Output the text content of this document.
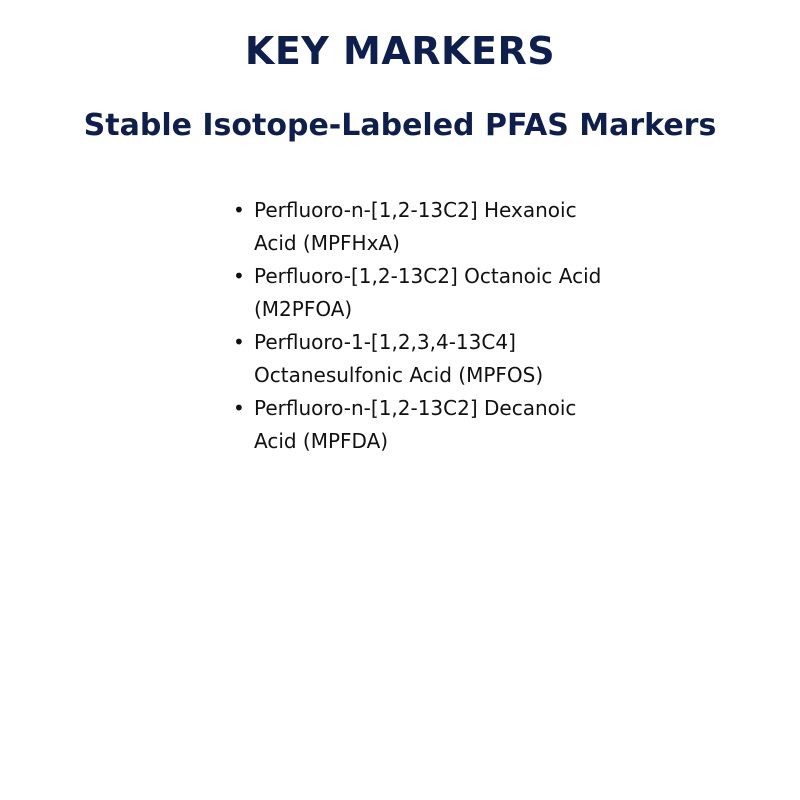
KEY MARKERS
Stable Isotope-Labeled PFAS Markers
• Perfluoro-n-[1,2-13C2] Hexanoic Acid (MPFHxA)
• Perfluoro-[1,2-13C2] Octanoic Acid (M2PFOA)
• Perfluoro-1-[1,2,3,4-13C4] Octanesulfonic Acid (MPFOS)
• Perfluoro-n-[1,2-13C2] Decanoic Acid (MPFDA)
